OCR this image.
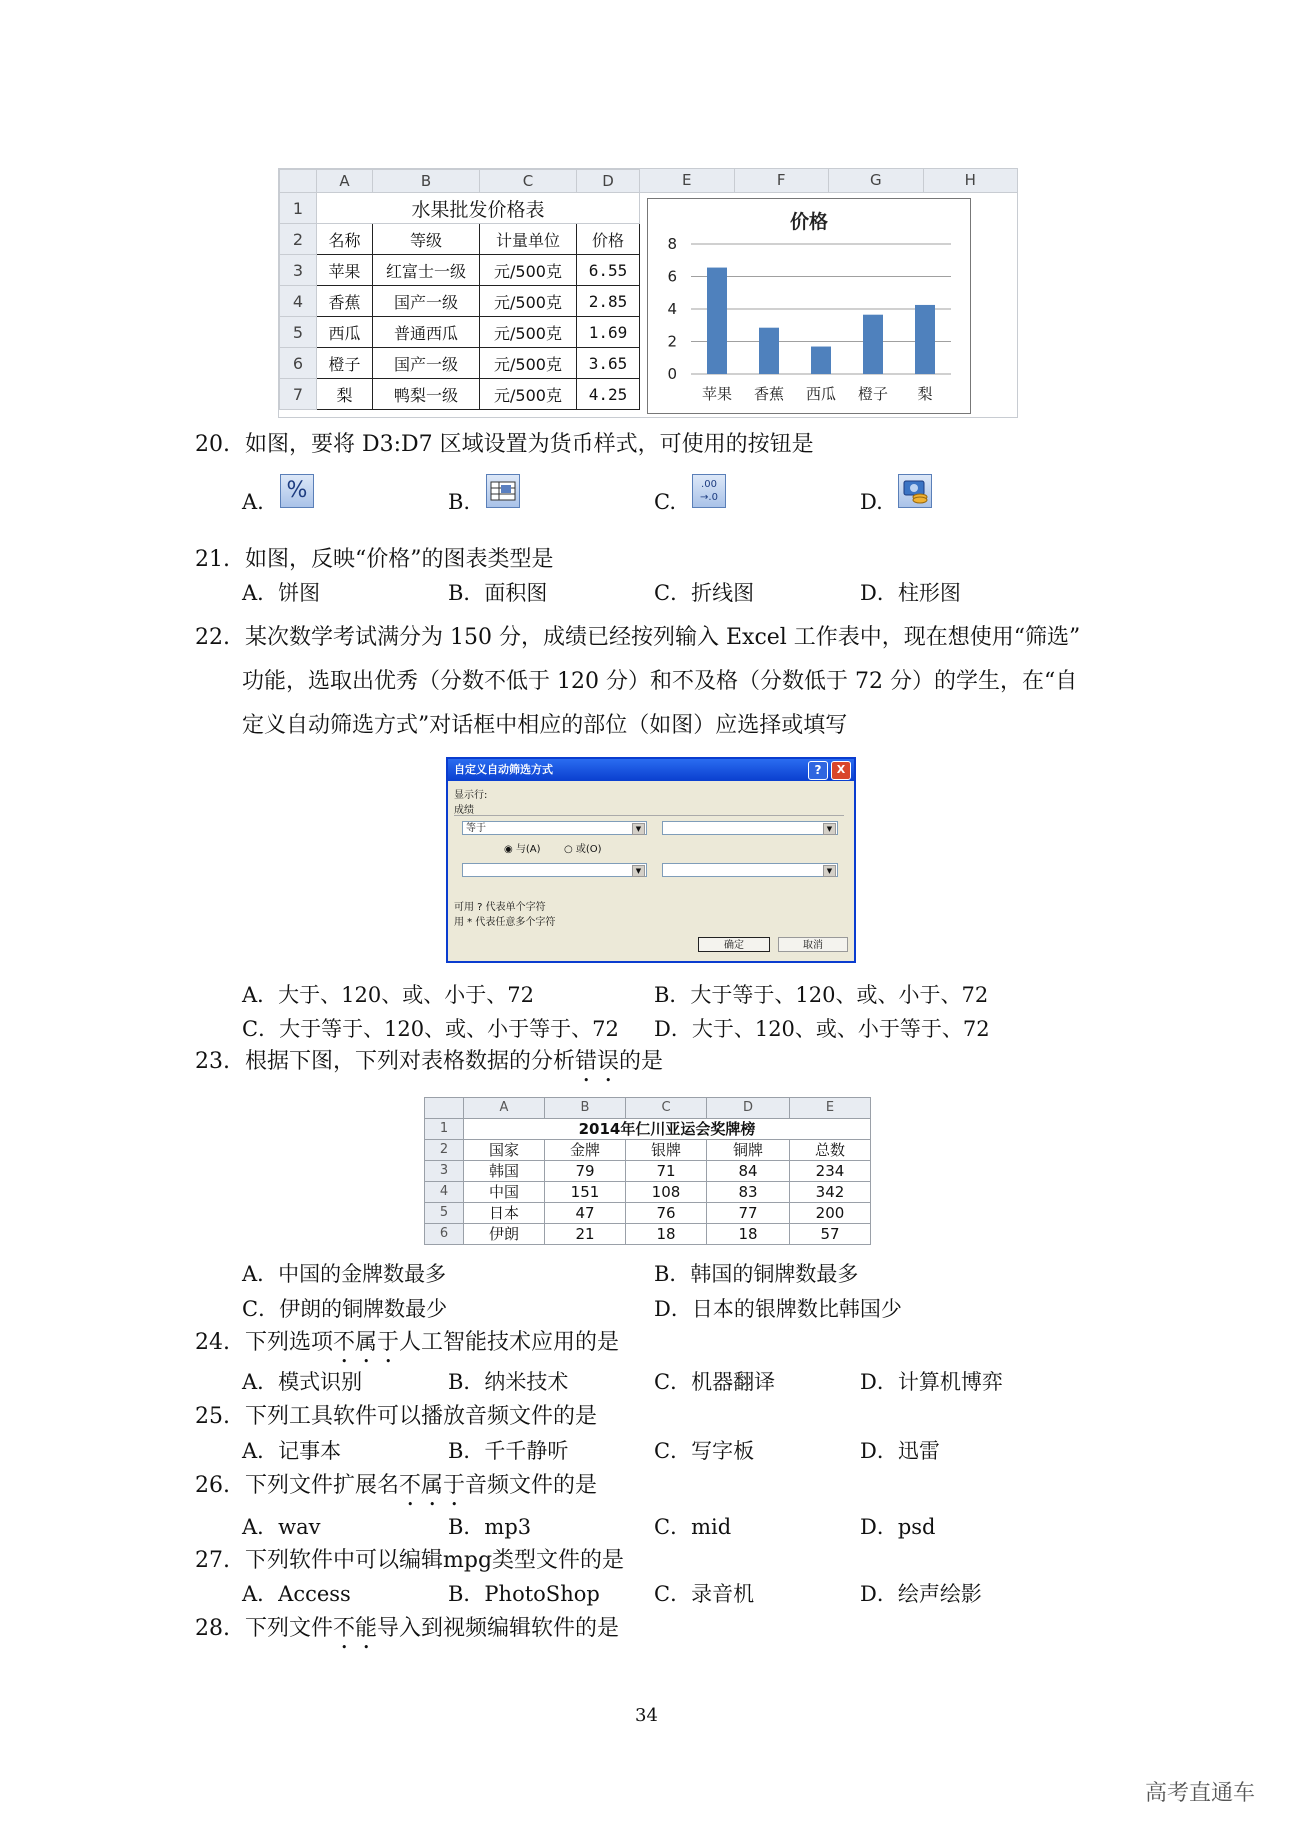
	A	B	C	D
1	水果批发价格表			
2	名称	等级	计量单位	价格
3	苹果	红富士一级	元/500克	6.55
4	香蕉	国产一级	元/500克	2.85
5	西瓜	普通西瓜	元/500克	1.69
6	橙子	国产一级	元/500克	3.65
7	梨	鸭梨一级	元/500克	4.25
E	F	G	H
价格
0
2
4
6
8
苹果 香蕉 西瓜 橙子 梨
20. 如图，要将 D3:D7 区域设置为货币样式，可使用的按钮是
A. %	B.	C.
.00
→.0	D.
21. 如图，反映“价格”的图表类型是
A．饼图	B．面积图	C．折线图	D．柱形图
22. 某次数学考试满分为 150 分，成绩已经按列输入 Excel 工作表中，现在想使用“筛选”
功能，选取出优秀（分数不低于 120 分）和不及格（分数低于 72 分）的学生，在“自
定义自动筛选方式”对话框中相应的部位（如图）应选择或填写
自定义自动筛选方式	?	X
显示行:
成绩
等于	▼	▼
◉ 与(A) ○ 或(O)
▼	▼
可用 ? 代表单个字符
用 * 代表任意多个字符
确定	取消
A．大于、120、或、小于、72	B．大于等于、120、或、小于、72
C．大于等于、120、或、小于等于、72 D．大于、120、或、小于等于、72
23. 根据下图，下列对表格数据的分析错误的是
	A	B	C	D	E
1	2014年仁川亚运会奖牌榜				
2	国家	金牌	银牌	铜牌	总数
3	韩国	79	71	84	234
4	中国	151	108	83	342
5	日本	47	76	77	200
6	伊朗	21	18	18	57
A．中国的金牌数最多	B．韩国的铜牌数最多
C．伊朗的铜牌数最少	D．日本的银牌数比韩国少
24. 下列选项不属于人工智能技术应用的是
A．模式识别	B．纳米技术	C．机器翻译	D．计算机博弈
25. 下列工具软件可以播放音频文件的是
A．记事本	B．千千静听	C．写字板	D．迅雷
26. 下列文件扩展名不属于音频文件的是
A．wav	B．mp3	C．mid	D．psd
27. 下列软件中可以编辑mpg类型文件的是
A．Access	B．PhotoShop	C．录音机	D．绘声绘影
28. 下列文件不能导入到视频编辑软件的是
34
高考直通车
